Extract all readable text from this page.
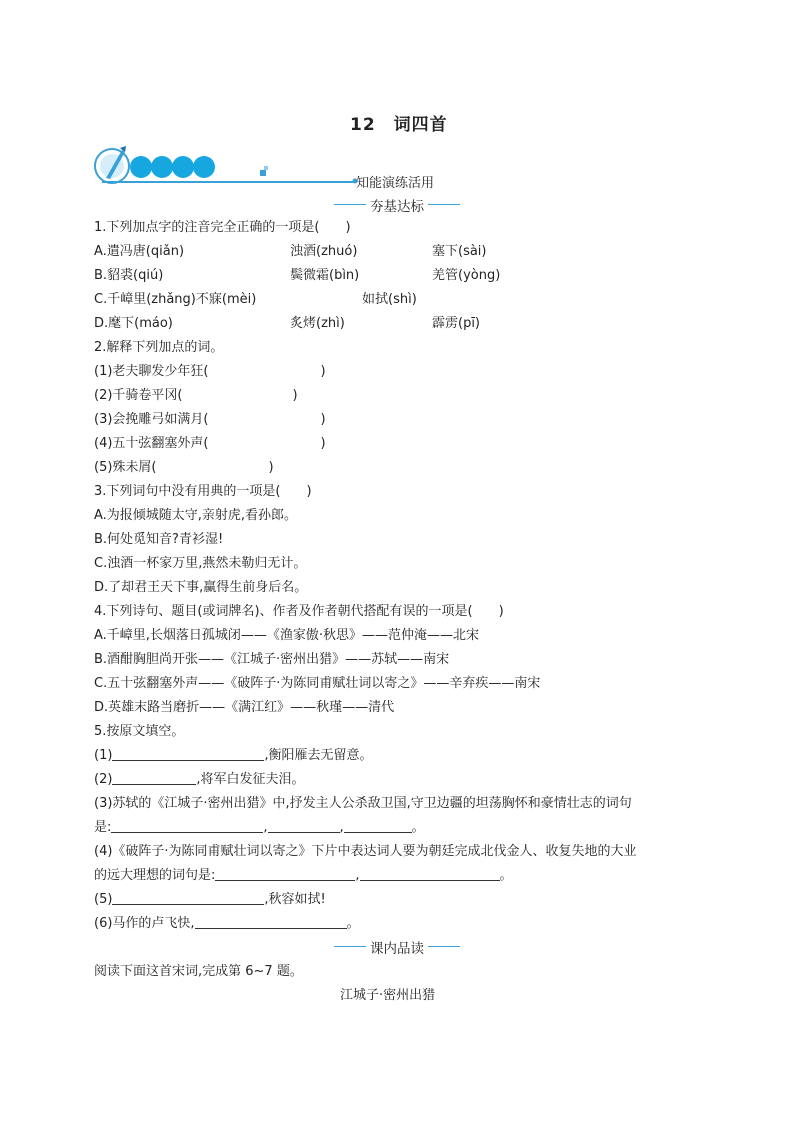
12　词四首
知能演练活用
夯基达标
1.下列加点字的注音完全正确的一项是(　　)
A.遣冯唐(qiǎn)	浊酒(zhuó)	塞下(sài)
B.貂裘(qiú)	鬓微霜(bìn)	羌管(yòng)
C.千嶂里(zhǎng)不寐(mèi)	如拭(shì)
D.麾下(máo)	炙烤(zhì)	霹雳(pī)
2.解释下列加点的词。
(1)老夫聊发少年狂(	)
(2)千骑卷平冈(	)
(3)会挽雕弓如满月(	)
(4)五十弦翻塞外声(	)
(5)殊未屑(	)
3.下列词句中没有用典的一项是(　　)
A.为报倾城随太守,亲射虎,看孙郎。
B.何处觅知音?青衫湿!
C.浊酒一杯家万里,燕然未勒归无计。
D.了却君王天下事,赢得生前身后名。
4.下列诗句、题目(或词牌名)、作者及作者朝代搭配有误的一项是(　　)
A.千嶂里,长烟落日孤城闭——《渔家傲·秋思》——范仲淹——北宋
B.酒酣胸胆尚开张——《江城子·密州出猎》——苏轼——南宋
C.五十弦翻塞外声——《破阵子·为陈同甫赋壮词以寄之》——辛弃疾——南宋
D.英雄末路当磨折——《满江红》——秋瑾——清代
5.按原文填空。
(1)	,衡阳雁去无留意。
(2)	,将军白发征夫泪。
(3)苏轼的《江城子·密州出猎》中,抒发主人公杀敌卫国,守卫边疆的坦荡胸怀和豪情壮志的词句
是:	,	,	。
(4)《破阵子·为陈同甫赋壮词以寄之》下片中表达词人要为朝廷完成北伐金人、收复失地的大业
的远大理想的词句是:	,	。
(5)	,秋容如拭!
(6)马作的卢飞快,	。
课内品读
阅读下面这首宋词,完成第 6~7 题。
江城子·密州出猎
